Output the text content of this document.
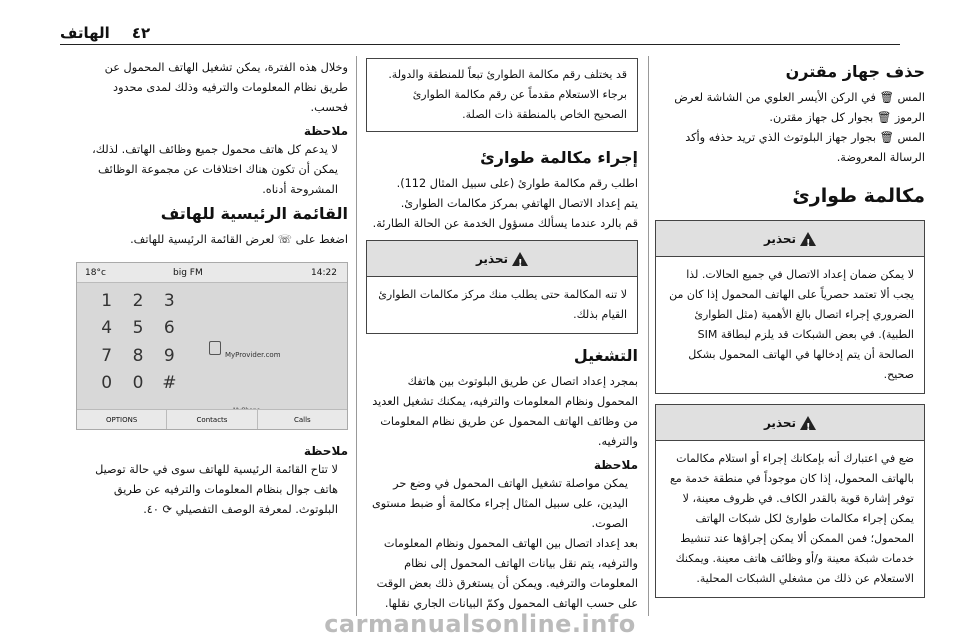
٤٢
الهاتف
حذف جهاز مقترن

المس 🗑 في الركن الأيسر العلوي من الشاشة لعرض الرموز 🗑 بجوار كل جهاز مقترن.

المس 🗑 بجوار جهاز البلوتوث الذي تريد حذفه وأكد الرسالة المعروضة.

مكالمة طوارئ
!
تحذير
لا يمكن ضمان إعداد الاتصال في جميع الحالات. لذا يجب ألا تعتمد حصرياً على الهاتف المحمول إذا كان من الضروري إجراء اتصال بالغ الأهمية (مثل الطوارئ الطبية). في بعض الشبكات قد يلزم لبطاقة SIM الصالحة أن يتم إدخالها في الهاتف المحمول بشكل صحيح.
!
تحذير
ضع في اعتبارك أنه بإمكانك إجراء أو استلام مكالمات بالهاتف المحمول، إذا كان موجوداً في منطقة خدمة مع توفر إشارة قوية بالقدر الكاف. في ظروف معينة، لا يمكن إجراء مكالمات طوارئ لكل شبكات الهاتف المحمول؛ فمن الممكن ألا يمكن إجراؤها عند تنشيط خدمات شبكة معينة و/أو وظائف هاتف معينة. ويمكنك الاستعلام عن ذلك من مشغلي الشبكات المحلية.
قد يختلف رقم مكالمة الطوارئ تبعاً للمنطقة والدولة. برجاء الاستعلام مقدماً عن رقم مكالمة الطوارئ الصحيح الخاص بالمنطقة ذات الصلة.
إجراء مكالمة طوارئ

اطلب رقم مكالمة طوارئ (على سبيل المثال 112).

يتم إعداد الاتصال الهاتفي بمركز مكالمات الطوارئ.

قم بالرد عندما يسألك مسؤول الخدمة عن الحالة الطارئة.

!
تحذير
لا تنه المكالمة حتى يطلب منك مركز مكالمات الطوارئ القيام بذلك.
التشغيل

بمجرد إعداد اتصال عن طريق البلوتوث بين هاتفك المحمول ونظام المعلومات والترفيه، يمكنك تشغيل العديد من وظائف الهاتف المحمول عن طريق نظام المعلومات والترفيه.

ملاحظة

يمكن مواصلة تشغيل الهاتف المحمول في وضع حر اليدين، على سبيل المثال إجراء مكالمة أو ضبط مستوى الصوت.

بعد إعداد اتصال بين الهاتف المحمول ونظام المعلومات والترفيه، يتم نقل بيانات الهاتف المحمول إلى نظام المعلومات والترفيه. ويمكن أن يستغرق ذلك بعض الوقت على حسب الهاتف المحمول وكمّ البيانات الجاري نقلها.

وخلال هذه الفترة، يمكن تشغيل الهاتف المحمول عن طريق نظام المعلومات والترفيه وذلك لمدى محدود فحسب.

ملاحظة

لا يدعم كل هاتف محمول جميع وظائف الهاتف. لذلك، يمكن أن تكون هناك اختلافات عن مجموعة الوظائف المشروحة أدناه.

القائمة الرئيسية للهاتف

اضغط على ☏ لعرض القائمة الرئيسية للهاتف.

18°c	big FM	14:22
1	2	3
4	5	6
7	8	9
0	0	#
MyProvider.com
OPTIONS	Contacts	Calls
ملاحظة

لا تتاح القائمة الرئيسية للهاتف سوى في حالة توصيل هاتف جوال بنظام المعلومات والترفيه عن طريق البلوتوث. لمعرفة الوصف التفصيلي ⟳ ٤٠.

carmanualsonline.info
